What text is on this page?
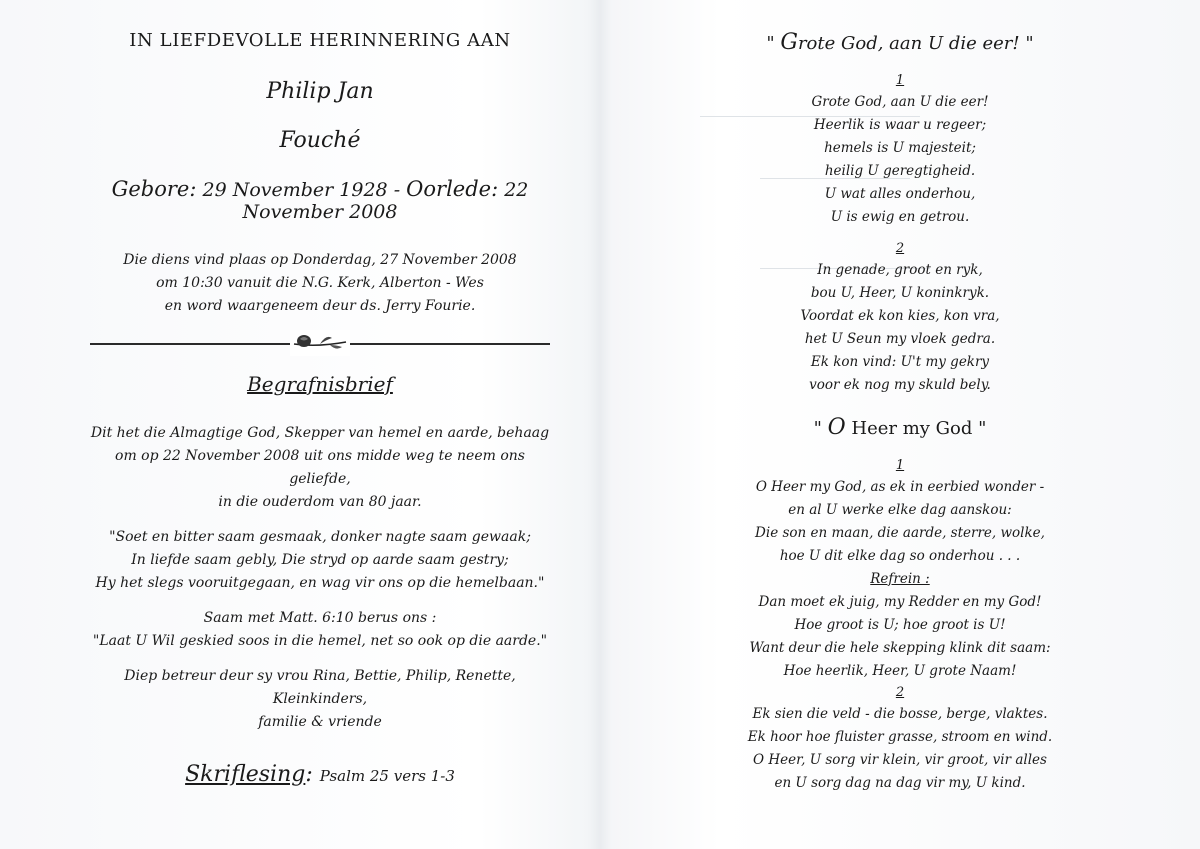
IN LIEFDEVOLLE HERINNERING AAN
Philip Jan
Fouché
Gebore: 29 November 1928 - Oorlede: 22 November 2008
Die diens vind plaas op Donderdag, 27 November 2008
om 10:30 vanuit die N.G. Kerk, Alberton - Wes
en word waargeneem deur ds. Jerry Fourie.
Begrafnisbrief
Dit het die Almagtige God, Skepper van hemel en aarde, behaag
om op 22 November 2008 uit ons midde weg te neem ons geliefde,
in die ouderdom van 80 jaar.
"Soet en bitter saam gesmaak, donker nagte saam gewaak;
In liefde saam gebly, Die stryd op aarde saam gestry;
Hy het slegs vooruitgegaan, en wag vir ons op die hemelbaan."
Saam met Matt. 6:10 berus ons :
"Laat U Wil geskied soos in die hemel, net so ook op die aarde."
Diep betreur deur sy vrou Rina, Bettie, Philip, Renette, Kleinkinders,
familie & vriende
Skriflesing: Psalm 25 vers 1-3
" Grote God, aan U die eer! "
1
Grote God, aan U die eer!
Heerlik is waar u regeer;
hemels is U majesteit;
heilig U geregtigheid.
U wat alles onderhou,
U is ewig en getrou.
2
In genade, groot en ryk,
bou U, Heer, U koninkryk.
Voordat ek kon kies, kon vra,
het U Seun my vloek gedra.
Ek kon vind: U't my gekry
voor ek nog my skuld bely.
" O Heer my God "
1
O Heer my God, as ek in eerbied wonder -
en al U werke elke dag aanskou:
Die son en maan, die aarde, sterre, wolke,
hoe U dit elke dag so onderhou . . .
Refrein :
Dan moet ek juig, my Redder en my God!
Hoe groot is U; hoe groot is U!
Want deur die hele skepping klink dit saam:
Hoe heerlik, Heer, U grote Naam!
2
Ek sien die veld - die bosse, berge, vlaktes.
Ek hoor hoe fluister grasse, stroom en wind.
O Heer, U sorg vir klein, vir groot, vir alles
en U sorg dag na dag vir my, U kind.
